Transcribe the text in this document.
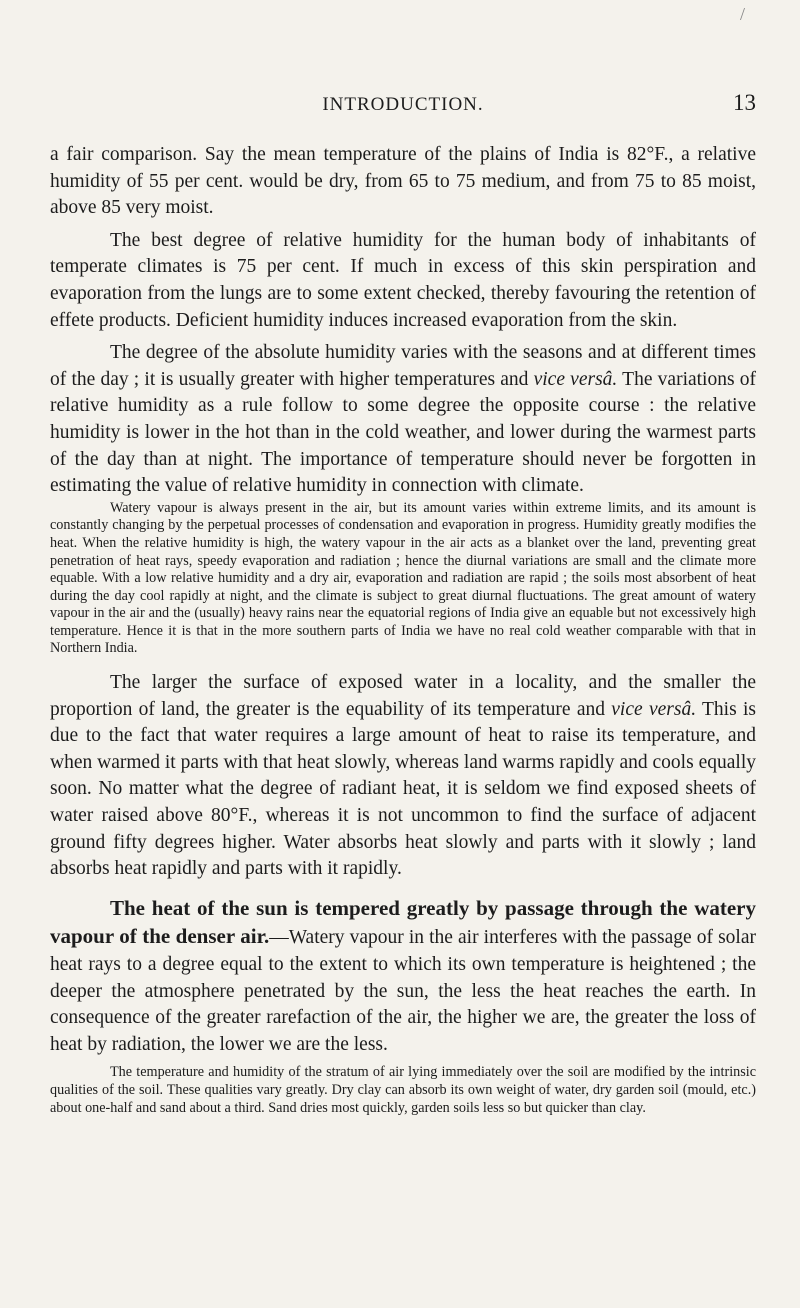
/
INTRODUCTION.	13

a fair comparison. Say the mean temperature of the plains of India is 82°F., a relative humidity of 55 per cent. would be dry, from 65 to 75 medium, and from 75 to 85 moist, above 85 very moist.

The best degree of relative humidity for the human body of inhabitants of temperate climates is 75 per cent. If much in excess of this skin perspiration and evaporation from the lungs are to some extent checked, thereby favouring the retention of effete products. Deficient humidity induces increased evaporation from the skin.

The degree of the absolute humidity varies with the seasons and at different times of the day ; it is usually greater with higher temperatures and vice versâ. The variations of relative humidity as a rule follow to some degree the opposite course : the relative humidity is lower in the hot than in the cold weather, and lower during the warmest parts of the day than at night. The importance of temperature should never be forgotten in estimating the value of relative humidity in connection with climate.

Watery vapour is always present in the air, but its amount varies within extreme limits, and its amount is constantly changing by the perpetual processes of condensation and evaporation in progress. Humidity greatly modifies the heat. When the relative humidity is high, the watery vapour in the air acts as a blanket over the land, preventing great penetration of heat rays, speedy evaporation and radiation ; hence the diurnal variations are small and the climate more equable. With a low relative humidity and a dry air, evaporation and radiation are rapid ; the soils most absorbent of heat during the day cool rapidly at night, and the climate is subject to great diurnal fluctuations. The great amount of watery vapour in the air and the (usually) heavy rains near the equatorial regions of India give an equable but not excessively high temperature. Hence it is that in the more southern parts of India we have no real cold weather comparable with that in Northern India.

The larger the surface of exposed water in a locality, and the smaller the proportion of land, the greater is the equability of its temperature and vice versâ. This is due to the fact that water requires a large amount of heat to raise its temperature, and when warmed it parts with that heat slowly, whereas land warms rapidly and cools equally soon. No matter what the degree of radiant heat, it is seldom we find exposed sheets of water raised above 80°F., whereas it is not uncommon to find the surface of adjacent ground fifty degrees higher. Water absorbs heat slowly and parts with it slowly ; land absorbs heat rapidly and parts with it rapidly.

The heat of the sun is tempered greatly by passage through the watery vapour of the denser air.—Watery vapour in the air interferes with the passage of solar heat rays to a degree equal to the extent to which its own temperature is heightened ; the deeper the atmosphere penetrated by the sun, the less the heat reaches the earth. In consequence of the greater rarefaction of the air, the higher we are, the greater the loss of heat by radiation, the lower we are the less.

The temperature and humidity of the stratum of air lying immediately over the soil are modified by the intrinsic qualities of the soil. These qualities vary greatly. Dry clay can absorb its own weight of water, dry garden soil (mould, etc.) about one-half and sand about a third. Sand dries most quickly, garden soils less so but quicker than clay.
